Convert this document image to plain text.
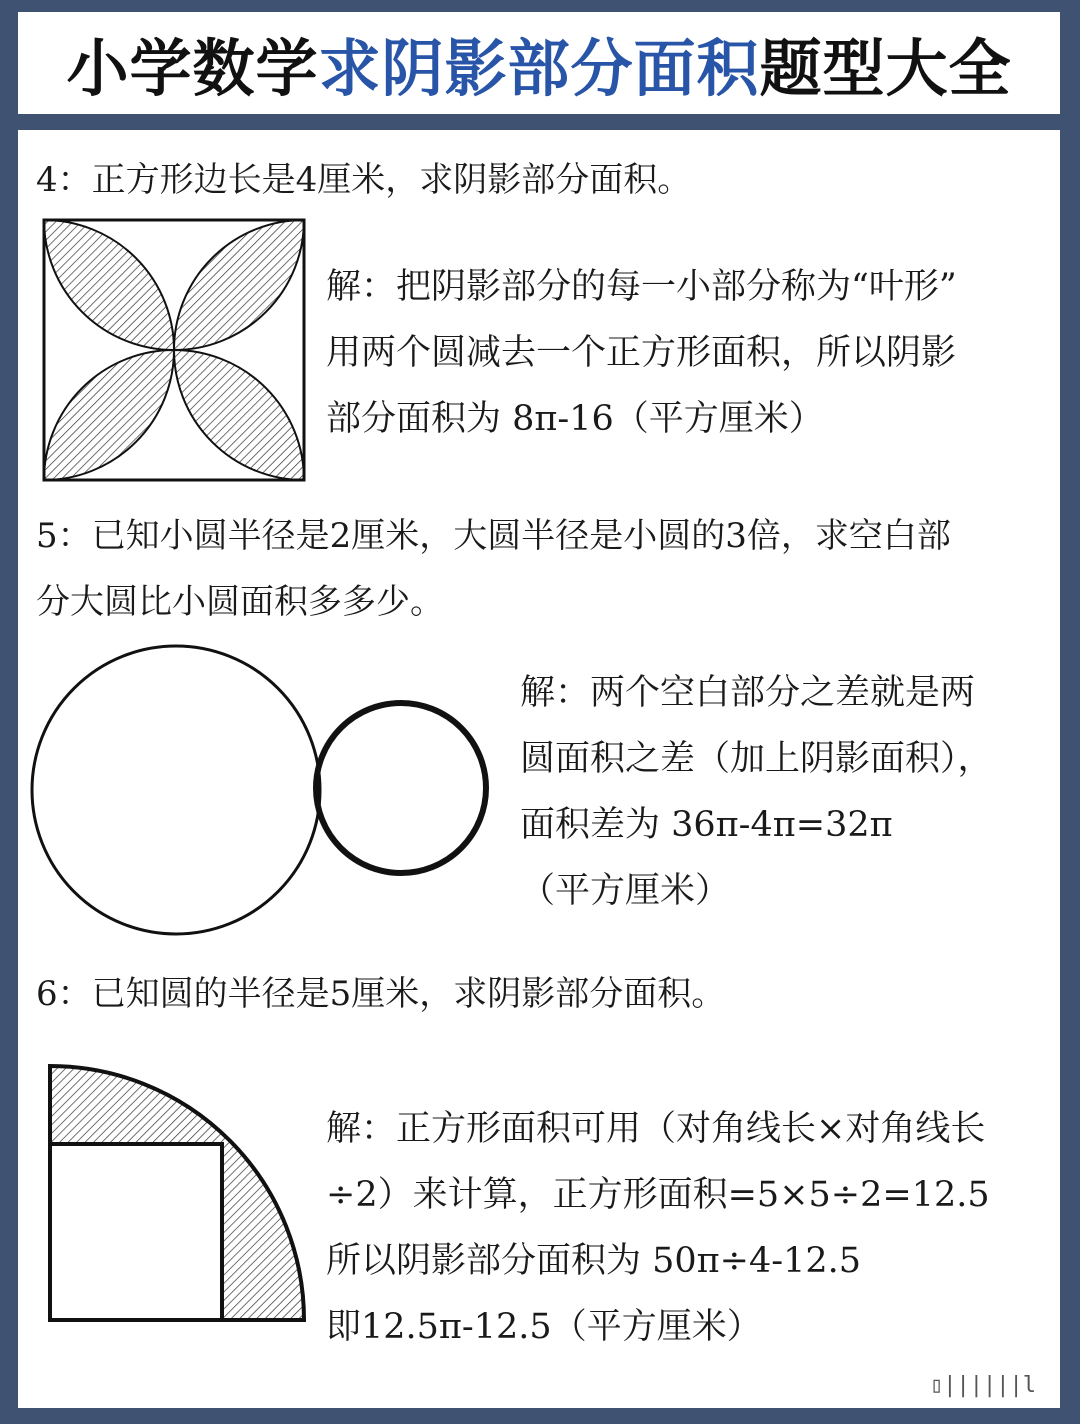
小学数学 求阴影部分面积 题型大全
4：正方形边长是4厘米，求阴影部分面积。
解：把阴影部分的每一小部分称为“叶形”
用两个圆减去一个正方形面积，所以阴影
部分面积为 8π-16（平方厘米）
5：已知小圆半径是2厘米，大圆半径是小圆的3倍，求空白部
分大圆比小圆面积多多少。
解：两个空白部分之差就是两
圆面积之差（加上阴影面积），
面积差为 36π-4π=32π
（平方厘米）
6：已知圆的半径是5厘米，求阴影部分面积。
解：正方形面积可用（对角线长×对角线长
÷2）来计算，正方形面积=5×5÷2=12.5
所以阴影部分面积为 50π÷4-12.5
即12.5π-12.5（平方厘米）
▯||||||l
